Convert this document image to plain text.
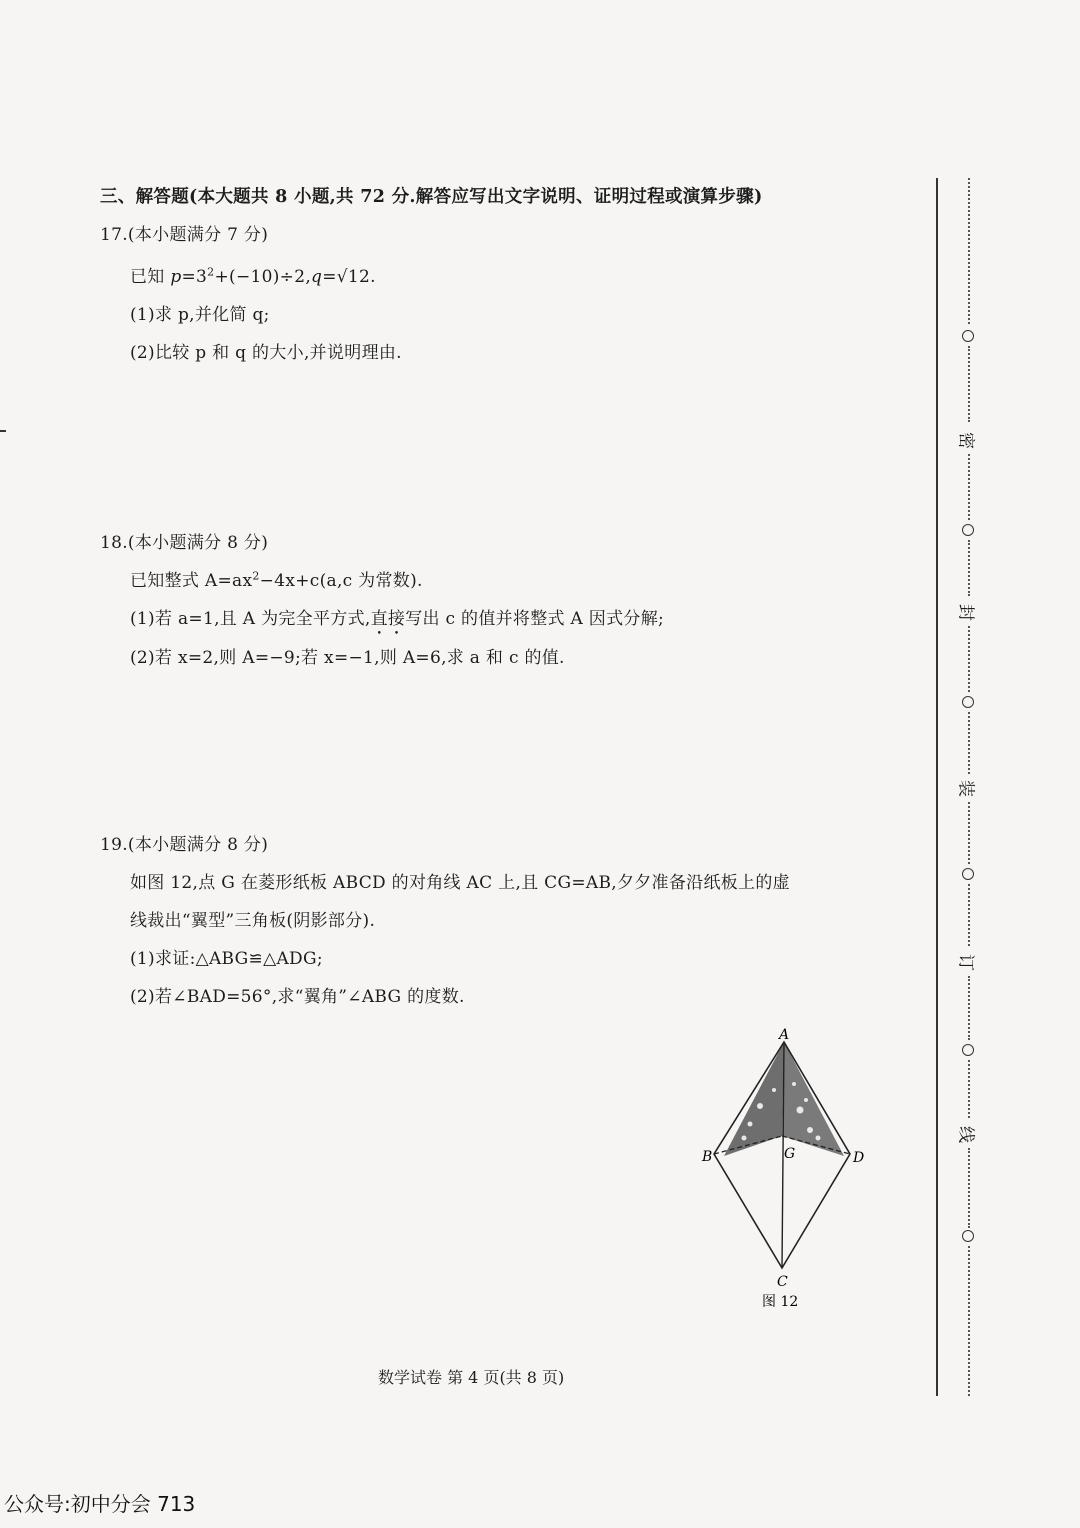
三、解答题(本大题共 8 小题,共 72 分.解答应写出文字说明、证明过程或演算步骤)
17.(本小题满分 7 分)
已知 $p=3^2+(-10)\div 2,q=√12$.
(1)求 p,并化简 q;
(2)比较 p 和 q 的大小,并说明理由.
18.(本小题满分 8 分)
已知整式 $A=ax^2-4x+c(a,c$ 为常数).
(1)若 a=1,且 A 为完全平方式,直接写出 c 的值并将整式 A 因式分解;
(2)若 x=2,则 A=−9;若 x=−1,则 A=6,求 a 和 c 的值.
19.(本小题满分 8 分)
如图 12,点 G 在菱形纸板 ABCD 的对角线 AC 上,且 CG=AB,夕夕准备沿纸板上的虚
线裁出“翼型”三角板(阴影部分).
(1)求证:△ABG≌△ADG;
(2)若∠BAD=56°,求“翼角”∠ABG 的度数.
A
B	G	D
C
图 12
密
封
装
订
线
数学试卷 第 4 页(共 8 页)
公众号:初中分会 713
